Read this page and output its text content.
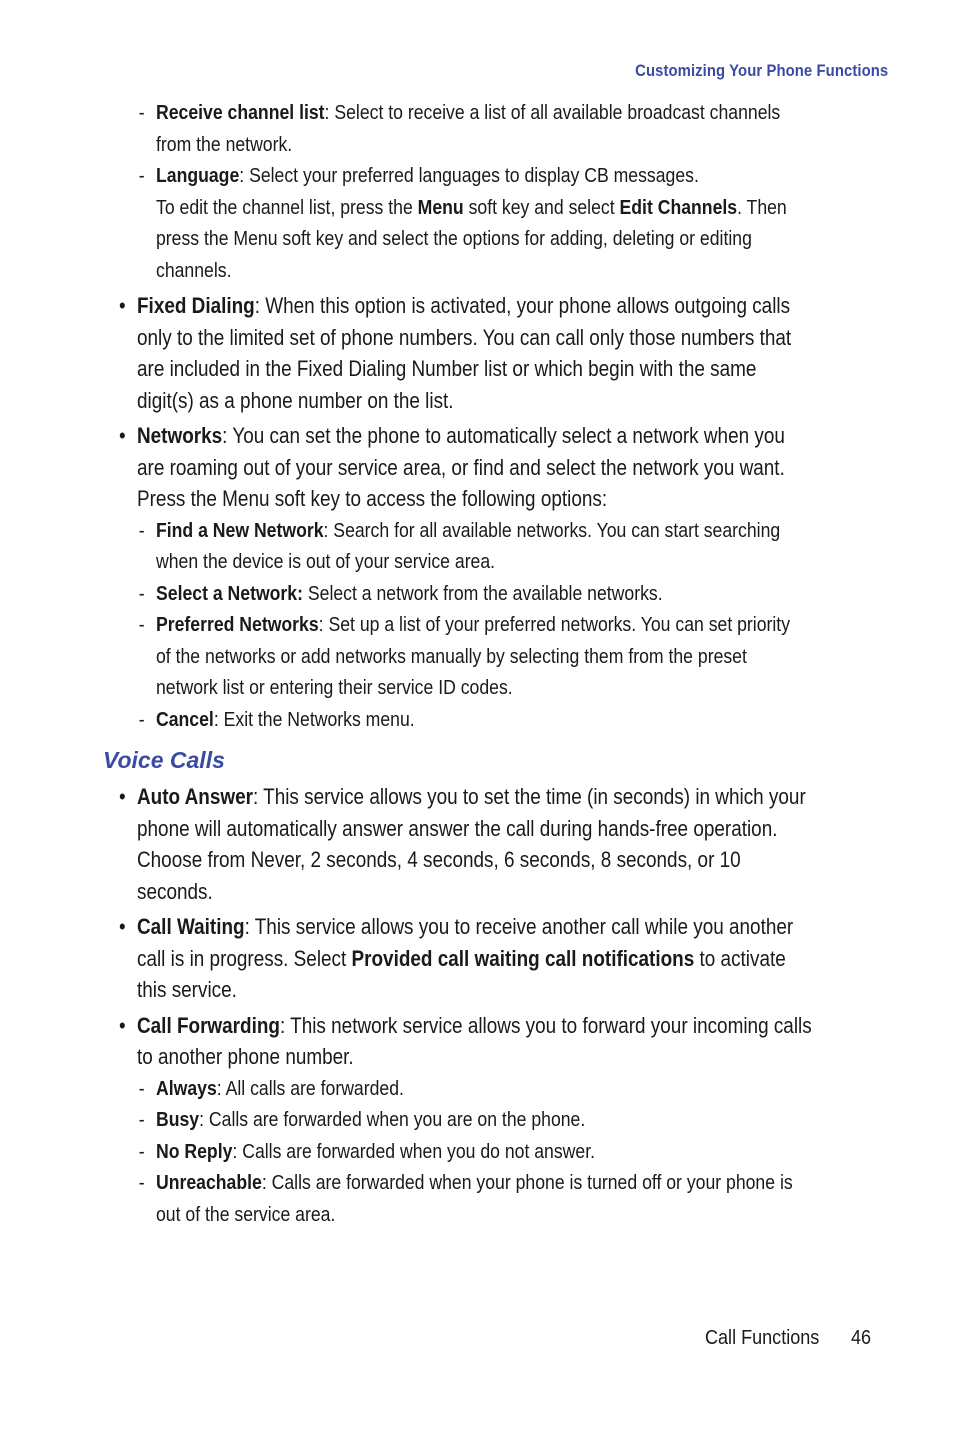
Customizing Your Phone Functions
- Receive channel list: Select to receive a list of all available broadcast channels from the network.
- Language: Select your preferred languages to display CB messages.
To edit the channel list, press the Menu soft key and select Edit Channels. Then press the Menu soft key and select the options for adding, deleting or editing channels.
• Fixed Dialing: When this option is activated, your phone allows outgoing calls only to the limited set of phone numbers. You can call only those numbers that are included in the Fixed Dialing Number list or which begin with the same digit(s) as a phone number on the list.
• Networks: You can set the phone to automatically select a network when you are roaming out of your service area, or find and select the network you want. Press the Menu soft key to access the following options:
- Find a New Network: Search for all available networks. You can start searching when the device is out of your service area.
- Select a Network: Select a network from the available networks.
- Preferred Networks: Set up a list of your preferred networks. You can set priority of the networks or add networks manually by selecting them from the preset network list or entering their service ID codes.
- Cancel: Exit the Networks menu.
Voice Calls
• Auto Answer: This service allows you to set the time (in seconds) in which your phone will automatically answer answer the call during hands-free operation. Choose from Never, 2 seconds, 4 seconds, 6 seconds, 8 seconds, or 10 seconds.
• Call Waiting: This service allows you to receive another call while you another call is in progress. Select Provided call waiting call notifications to activate this service.
• Call Forwarding: This network service allows you to forward your incoming calls to another phone number.
- Always: All calls are forwarded.
- Busy: Calls are forwarded when you are on the phone.
- No Reply: Calls are forwarded when you do not answer.
- Unreachable: Calls are forwarded when your phone is turned off or your phone is out of the service area.
Call Functions 46
